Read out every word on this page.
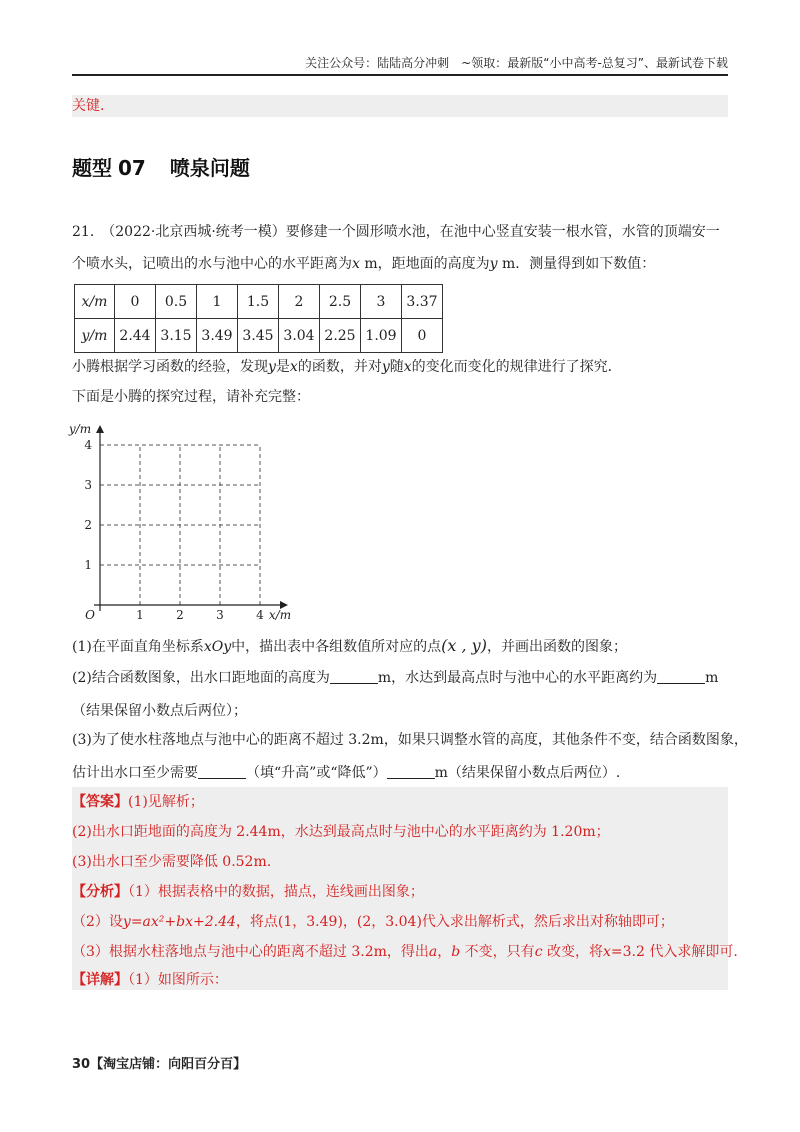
关注公众号：陆陆高分冲刺　~领取：最新版“小中高考-总复习”、最新试卷下载
关键.
题型 07 喷泉问题
21.　（2022·北京西城·统考一模）要修建一个圆形喷水池，在池中心竖直安装一根水管，水管的顶端安一
个喷水头，记喷出的水与池中心的水平距离为x m，距地面的高度为y m．测量得到如下数值：
x/m	0	0.5	1	1.5	2	2.5	3	3.37
y/m	2.44	3.15	3.49	3.45	3.04	2.25	1.09	0
小腾根据学习函数的经验，发现y是x的函数，并对y随x的变化而变化的规律进行了探究．
下面是小腾的探究过程，请补充完整：
1	2	3	4
1
2
3
4
O	x/m
y/m
(1)在平面直角坐标系xOy中，描出表中各组数值所对应的点(x , y)，并画出函数的图象；
(2)结合函数图象，出水口距地面的高度为	m，水达到最高点时与池中心的水平距离约为	m
（结果保留小数点后两位）；
(3)为了使水柱落地点与池中心的距离不超过 3.2m，如果只调整水管的高度，其他条件不变，结合函数图象，
估计出水口至少需要	（填“升高”或“降低”）	m（结果保留小数点后两位）.
【答案】(1)见解析；
(2)出水口距地面的高度为 2.44m，水达到最高点时与池中心的水平距离约为 1.20m；
(3)出水口至少需要降低 0.52m.
【分析】（1）根据表格中的数据，描点，连线画出图象；
（2）设y=ax²+bx+2.44，将点(1，3.49)，(2，3.04)代入求出解析式，然后求出对称轴即可；
（3）根据水柱落地点与池中心的距离不超过 3.2m，得出a，b 不变，只有c 改变，将x=3.2 代入求解即可.
【详解】（1）如图所示：
30【淘宝店铺：向阳百分百】
